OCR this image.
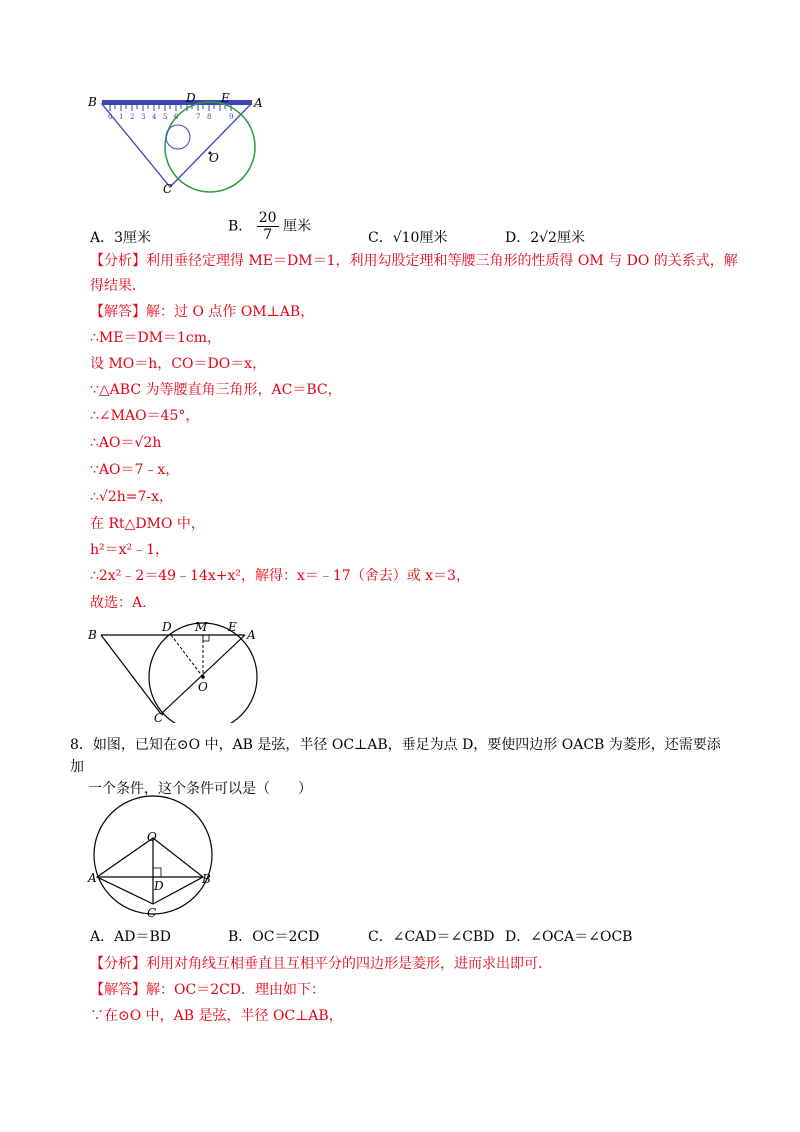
0 1 2 3 4 5 6	7 8	9
B	D E A
O
C
A．3厘米
B． $\frac{20}{7}$ 厘米
C．√10厘米	D．2√2厘米
【分析】利用垂径定理得 ME＝DM＝1，利用勾股定理和等腰三角形的性质得 OM 与 DO 的关系式，解
得结果.
【解答】解：过 O 点作 OM⊥AB，
∴ME＝DM＝1cm，
设 MO＝h，CO＝DO＝x，
∵△ABC 为等腰直角三角形，AC＝BC，
∴∠MAO＝45°，
∴AO＝√2h
∵AO＝7﹣x，
∴√2h=7-x，
在 Rt△DMO 中，
h²＝x²﹣1，
∴2x²﹣2＝49﹣14x+x²，解得：x＝﹣17（舍去）或 x＝3，
故选：A.
B
D M E
A
O
C
8．如图，已知在⊙O 中，AB 是弦，半径 OC⊥AB，垂足为点 D，要使四边形 OACB 为菱形，还需要添加
一个条件，这个条件可以是（　　）
O
A
D	B
C
A．AD＝BD	B．OC＝2CD	C．∠CAD＝∠CBD D．∠OCA＝∠OCB
【分析】利用对角线互相垂直且互相平分的四边形是菱形，进而求出即可.
【解答】解：OC＝2CD．理由如下：
∵在⊙O 中，AB 是弦，半径 OC⊥AB，
